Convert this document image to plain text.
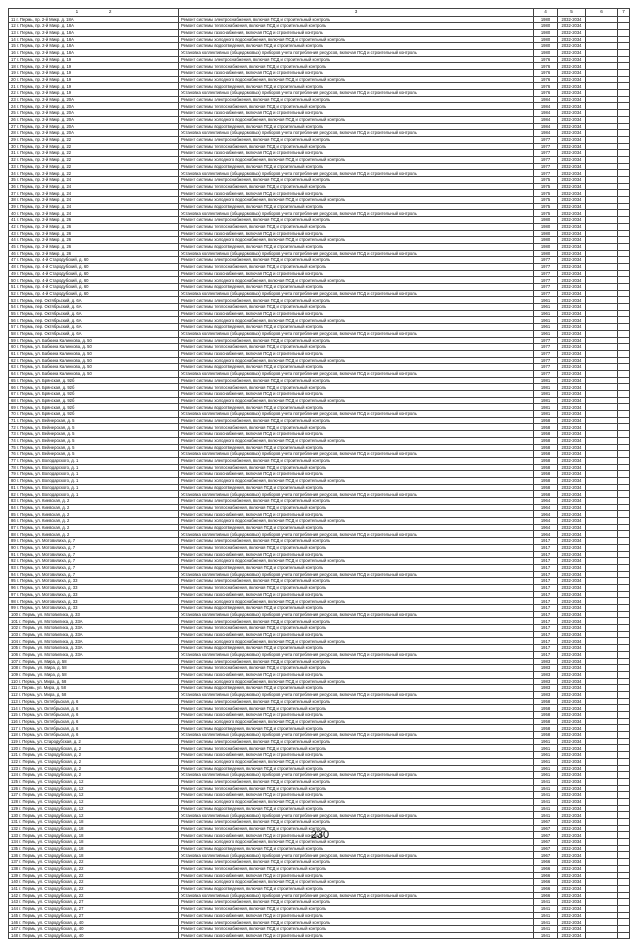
1 2	3	4	5	6	7
11 г. Пермь, пр. 2-й Микр. д. 18А	Ремонт системы электроснабжения, включая ПСД и строительный контроль	1980	2032-2034		
12 г. Пермь, пр. 2-й Микр. д. 18А	Ремонт системы теплоснабжения, включая ПСД и строительный контроль	1980	2032-2034		
13 г. Пермь, пр. 2-й Микр. д. 18А	Ремонт системы газоснабжения, включая ПСД и строительный контроль	1980	2032-2034		
14 г. Пермь, пр. 2-й Микр. д. 18А	Ремонт системы холодного водоснабжения, включая ПСД и строительный контроль	1980	2032-2034		
15 г. Пермь, пр. 2-й Микр. д. 18А	Ремонт системы водоотведения, включая ПСД и строительный контроль	1980	2032-2034		
16 г. Пермь, пр. 2-й Микр. д. 18А	Установка коллективных (общедомовых) приборов учета потребления ресурсов, включая ПСД и строительный контроль	1980	2032-2034		
17 г. Пермь, пр. 2-й Микр. д. 19	Ремонт системы электроснабжения, включая ПСД и строительный контроль	1976	2032-2034		
18 г. Пермь, пр. 2-й Микр. д. 19	Ремонт системы теплоснабжения, включая ПСД и строительный контроль	1976	2032-2034		
19 г. Пермь, пр. 2-й Микр. д. 19	Ремонт системы газоснабжения, включая ПСД и строительный контроль	1976	2032-2034		
20 г. Пермь, пр. 2-й Микр. д. 19	Ремонт системы холодного водоснабжения, включая ПСД и строительный контроль	1976	2032-2034		
21 г. Пермь, пр. 2-й Микр. д. 19	Ремонт системы водоотведения, включая ПСД и строительный контроль	1976	2032-2034		
22 г. Пермь, пр. 2-й Микр. д. 19	Установка коллективных (общедомовых) приборов учета потребления ресурсов, включая ПСД и строительный контроль	1976	2032-2034		
23 г. Пермь, пр. 2-й Микр. д. 20А	Ремонт системы электроснабжения, включая ПСД и строительный контроль	1984	2032-2034		
24 г. Пермь, пр. 2-й Микр. д. 20А	Ремонт системы теплоснабжения, включая ПСД и строительный контроль	1984	2032-2034		
25 г. Пермь, пр. 2-й Микр. д. 20А	Ремонт системы газоснабжения, включая ПСД и строительный контроль	1984	2032-2034		
26 г. Пермь, пр. 2-й Микр. д. 20А	Ремонт системы холодного водоснабжения, включая ПСД и строительный контроль	1984	2032-2034		
27 г. Пермь, пр. 2-й Микр. д. 20А	Ремонт системы водоотведения, включая ПСД и строительный контроль	1984	2032-2034		
28 г. Пермь, пр. 2-й Микр. д. 20А	Установка коллективных (общедомовых) приборов учета потребления ресурсов, включая ПСД и строительный контроль	1984	2032-2034		
29 г. Пермь, пр. 2-й Микр. д. 22	Ремонт системы электроснабжения, включая ПСД и строительный контроль	1977	2032-2034		
30 г. Пермь, пр. 2-й Микр. д. 22	Ремонт системы теплоснабжения, включая ПСД и строительный контроль	1977	2032-2034		
31 г. Пермь, пр. 2-й Микр. д. 22	Ремонт системы газоснабжения, включая ПСД и строительный контроль	1977	2032-2034		
32 г. Пермь, пр. 2-й Микр. д. 22	Ремонт системы холодного водоснабжения, включая ПСД и строительный контроль	1977	2032-2034		
33 г. Пермь, пр. 2-й Микр. д. 22	Ремонт системы водоотведения, включая ПСД и строительный контроль	1977	2032-2034		
34 г. Пермь, пр. 2-й Микр. д. 22	Установка коллективных (общедомовых) приборов учета потребления ресурсов, включая ПСД и строительный контроль	1977	2032-2034		
35 г. Пермь, пр. 2-й Микр. д. 24	Ремонт системы электроснабжения, включая ПСД и строительный контроль	1975	2032-2034		
36 г. Пермь, пр. 2-й Микр. д. 24	Ремонт системы теплоснабжения, включая ПСД и строительный контроль	1975	2032-2034		
37 г. Пермь, пр. 2-й Микр. д. 24	Ремонт системы газоснабжения, включая ПСД и строительный контроль	1975	2032-2034		
38 г. Пермь, пр. 2-й Микр. д. 24	Ремонт системы холодного водоснабжения, включая ПСД и строительный контроль	1975	2032-2034		
39 г. Пермь, пр. 2-й Микр. д. 24	Ремонт системы водоотведения, включая ПСД и строительный контроль	1975	2032-2034		
40 г. Пермь, пр. 2-й Микр. д. 24	Установка коллективных (общедомовых) приборов учета потребления ресурсов, включая ПСД и строительный контроль	1975	2032-2034		
41 г. Пермь, пр. 2-й Микр. д. 26	Ремонт системы электроснабжения, включая ПСД и строительный контроль	1980	2032-2034		
42 г. Пермь, пр. 2-й Микр. д. 26	Ремонт системы теплоснабжения, включая ПСД и строительный контроль	1980	2032-2034		
43 г. Пермь, пр. 2-й Микр. д. 26	Ремонт системы газоснабжения, включая ПСД и строительный контроль	1980	2032-2034		
44 г. Пермь, пр. 2-й Микр. д. 26	Ремонт системы холодного водоснабжения, включая ПСД и строительный контроль	1980	2032-2034		
45 г. Пермь, пр. 2-й Микр. д. 26	Ремонт системы водоотведения, включая ПСД и строительный контроль	1980	2032-2034		
46 г. Пермь, пр. 2-й Микр. д. 26	Установка коллективных (общедомовых) приборов учета потребления ресурсов, включая ПСД и строительный контроль	1980	2032-2034		
47 г. Пермь, пр. 4-й Стародубский, д. 60	Ремонт системы электроснабжения, включая ПСД и строительный контроль	1977	2032-2034		
48 г. Пермь, пр. 4-й Стародубский, д. 60	Ремонт системы теплоснабжения, включая ПСД и строительный контроль	1977	2032-2034		
49 г. Пермь, пр. 4-й Стародубский, д. 60	Ремонт системы газоснабжения, включая ПСД и строительный контроль	1977	2032-2034		
50 г. Пермь, пр. 4-й Стародубский, д. 60	Ремонт системы холодного водоснабжения, включая ПСД и строительный контроль	1977	2032-2034		
51 г. Пермь, пр. 4-й Стародубский, д. 60	Ремонт системы водоотведения, включая ПСД и строительный контроль	1977	2032-2034		
52 г. Пермь, пр. 4-й Стародубский, д. 60	Установка коллективных (общедомовых) приборов учета потребления ресурсов, включая ПСД и строительный контроль	1977	2032-2034		
53 г. Пермь, пер. Октябрьский, д. 6А	Ремонт системы электроснабжения, включая ПСД и строительный контроль	1961	2032-2034		
54 г. Пермь, пер. Октябрьский, д. 6А	Ремонт системы теплоснабжения, включая ПСД и строительный контроль	1961	2032-2034		
55 г. Пермь, пер. Октябрьский, д. 6А	Ремонт системы газоснабжения, включая ПСД и строительный контроль	1961	2032-2034		
56 г. Пермь, пер. Октябрьский, д. 6А	Ремонт системы холодного водоснабжения, включая ПСД и строительный контроль	1961	2032-2034		
57 г. Пермь, пер. Октябрьский, д. 6А	Ремонт системы водоотведения, включая ПСД и строительный контроль	1961	2032-2034		
58 г. Пермь, пер. Октябрьский, д. 6А	Установка коллективных (общедомовых) приборов учета потребления ресурсов, включая ПСД и строительный контроль	1961	2032-2034		
59 г. Пермь, ул. Бабкина Калинкова, д. 50	Ремонт системы электроснабжения, включая ПСД и строительный контроль	1977	2032-2034		
60 г. Пермь, ул. Бабкина Калинкова, д. 50	Ремонт системы теплоснабжения, включая ПСД и строительный контроль	1977	2032-2034		
61 г. Пермь, ул. Бабкина Калинкова, д. 50	Ремонт системы газоснабжения, включая ПСД и строительный контроль	1977	2032-2034		
62 г. Пермь, ул. Бабкина Калинкова, д. 50	Ремонт системы холодного водоснабжения, включая ПСД и строительный контроль	1977	2032-2034		
63 г. Пермь, ул. Бабкина Калинкова, д. 50	Ремонт системы водоотведения, включая ПСД и строительный контроль	1977	2032-2034		
64 г. Пермь, ул. Бабкина Калинкова, д. 50	Установка коллективных (общедомовых) приборов учета потребления ресурсов, включая ПСД и строительный контроль	1977	2032-2034		
65 г. Пермь, ул. Брянская, д. 92б	Ремонт системы электроснабжения, включая ПСД и строительный контроль	1981	2032-2034		
66 г. Пермь, ул. Брянская, д. 92б	Ремонт системы теплоснабжения, включая ПСД и строительный контроль	1981	2032-2034		
67 г. Пермь, ул. Брянская, д. 92б	Ремонт системы газоснабжения, включая ПСД и строительный контроль	1981	2032-2034		
68 г. Пермь, ул. Брянская, д. 92б	Ремонт системы холодного водоснабжения, включая ПСД и строительный контроль	1981	2032-2034		
69 г. Пермь, ул. Брянская, д. 92б	Ремонт системы водоотведения, включая ПСД и строительный контроль	1981	2032-2034		
70 г. Пермь, ул. Брянская, д. 92б	Установка коллективных (общедомовых) приборов учета потребления ресурсов, включая ПСД и строительный контроль	1981	2032-2034		
71 г. Пермь, ул. Вейнерская, д. 5	Ремонт системы электроснабжения, включая ПСД и строительный контроль	1958	2032-2034		
72 г. Пермь, ул. Вейнерская, д. 5	Ремонт системы теплоснабжения, включая ПСД и строительный контроль	1958	2032-2034		
73 г. Пермь, ул. Вейнерская, д. 5	Ремонт системы газоснабжения, включая ПСД и строительный контроль	1958	2032-2034		
74 г. Пермь, ул. Вейнерская, д. 5	Ремонт системы холодного водоснабжения, включая ПСД и строительный контроль	1958	2032-2034		
75 г. Пермь, ул. Вейнерская, д. 5	Ремонт системы водоотведения, включая ПСД и строительный контроль	1958	2032-2034		
76 г. Пермь, ул. Вейнерская, д. 5	Установка коллективных (общедомовых) приборов учета потребления ресурсов, включая ПСД и строительный контроль	1958	2032-2034		
77 г. Пермь, ул. Володарского, д. 1	Ремонт системы электроснабжения, включая ПСД и строительный контроль	1958	2032-2034		
78 г. Пермь, ул. Володарского, д. 1	Ремонт системы теплоснабжения, включая ПСД и строительный контроль	1958	2032-2034		
79 г. Пермь, ул. Володарского, д. 1	Ремонт системы газоснабжения, включая ПСД и строительный контроль	1958	2032-2034		
80 г. Пермь, ул. Володарского, д. 1	Ремонт системы холодного водоснабжения, включая ПСД и строительный контроль	1958	2032-2034		
81 г. Пермь, ул. Володарского, д. 1	Ремонт системы водоотведения, включая ПСД и строительный контроль	1958	2032-2034		
82 г. Пермь, ул. Володарского, д. 1	Установка коллективных (общедомовых) приборов учета потребления ресурсов, включая ПСД и строительный контроль	1958	2032-2034		
83 г. Пермь, ул. Киевская, д. 2	Ремонт системы электроснабжения, включая ПСД и строительный контроль	1964	2032-2034		
84 г. Пермь, ул. Киевская, д. 2	Ремонт системы теплоснабжения, включая ПСД и строительный контроль	1964	2032-2034		
85 г. Пермь, ул. Киевская, д. 2	Ремонт системы газоснабжения, включая ПСД и строительный контроль	1964	2032-2034		
86 г. Пермь, ул. Киевская, д. 2	Ремонт системы холодного водоснабжения, включая ПСД и строительный контроль	1964	2032-2034		
87 г. Пермь, ул. Киевская, д. 2	Ремонт системы водоотведения, включая ПСД и строительный контроль	1964	2032-2034		
88 г. Пермь, ул. Киевская, д. 2	Установка коллективных (общедомовых) приборов учета потребления ресурсов, включая ПСД и строительный контроль	1964	2032-2034		
89 г. Пермь, ул. Мотовилиха, д. 7	Ремонт системы электроснабжения, включая ПСД и строительный контроль	1917	2032-2034		
90 г. Пермь, ул. Мотовилиха, д. 7	Ремонт системы теплоснабжения, включая ПСД и строительный контроль	1917	2032-2034		
91 г. Пермь, ул. Мотовилиха, д. 7	Ремонт системы газоснабжения, включая ПСД и строительный контроль	1917	2032-2034		
92 г. Пермь, ул. Мотовилиха, д. 7	Ремонт системы холодного водоснабжения, включая ПСД и строительный контроль	1917	2032-2034		
93 г. Пермь, ул. Мотовилиха, д. 7	Ремонт системы водоотведения, включая ПСД и строительный контроль	1917	2032-2034		
94 г. Пермь, ул. Мотовилиха, д. 7	Установка коллективных (общедомовых) приборов учета потребления ресурсов, включая ПСД и строительный контроль	1917	2032-2034		
95 г. Пермь, ул. Мотовилиха, д. 33	Ремонт системы электроснабжения, включая ПСД и строительный контроль	1917	2032-2034		
96 г. Пермь, ул. Мотовилиха, д. 33	Ремонт системы теплоснабжения, включая ПСД и строительный контроль	1917	2032-2034		
97 г. Пермь, ул. Мотовилиха, д. 33	Ремонт системы газоснабжения, включая ПСД и строительный контроль	1917	2032-2034		
98 г. Пермь, ул. Мотовилиха, д. 33	Ремонт системы холодного водоснабжения, включая ПСД и строительный контроль	1917	2032-2034		
99 г. Пермь, ул. Мотовилиха, д. 33	Ремонт системы водоотведения, включая ПСД и строительный контроль	1917	2032-2034		
100 г. Пермь, ул. Мотовилиха, д. 33	Установка коллективных (общедомовых) приборов учета потребления ресурсов, включая ПСД и строительный контроль	1917	2032-2034		
101 г. Пермь, ул. Мотовилиха, д. 33А	Ремонт системы электроснабжения, включая ПСД и строительный контроль	1917	2032-2034		
102 г. Пермь, ул. Мотовилиха, д. 33А	Ремонт системы теплоснабжения, включая ПСД и строительный контроль	1917	2032-2034		
103 г. Пермь, ул. Мотовилиха, д. 33А	Ремонт системы газоснабжения, включая ПСД и строительный контроль	1917	2032-2034		
104 г. Пермь, ул. Мотовилиха, д. 33А	Ремонт системы холодного водоснабжения, включая ПСД и строительный контроль	1917	2032-2034		
105 г. Пермь, ул. Мотовилиха, д. 33А	Ремонт системы водоотведения, включая ПСД и строительный контроль	1917	2032-2034		
106 г. Пермь, ул. Мотовилиха, д. 33А	Установка коллективных (общедомовых) приборов учета потребления ресурсов, включая ПСД и строительный контроль	1917	2032-2034		
107 г. Пермь, ул. Мира, д. 58	Ремонт системы электроснабжения, включая ПСД и строительный контроль	1983	2032-2034		
108 г. Пермь, ул. Мира, д. 58	Ремонт системы теплоснабжения, включая ПСД и строительный контроль	1983	2032-2034		
109 г. Пермь, ул. Мира, д. 58	Ремонт системы газоснабжения, включая ПСД и строительный контроль	1983	2032-2034		
110 г. Пермь, ул. Мира, д. 58	Ремонт системы холодного водоснабжения, включая ПСД и строительный контроль	1983	2032-2034		
111 г. Пермь, ул. Мира, д. 58	Ремонт системы водоотведения, включая ПСД и строительный контроль	1983	2032-2034		
112 г. Пермь, ул. Мира, д. 58	Установка коллективных (общедомовых) приборов учета потребления ресурсов, включая ПСД и строительный контроль	1983	2032-2034		
113 г. Пермь, ул. Октябрьская, д. 6	Ремонт системы электроснабжения, включая ПСД и строительный контроль	1958	2032-2034		
114 г. Пермь, ул. Октябрьская, д. 6	Ремонт системы теплоснабжения, включая ПСД и строительный контроль	1958	2032-2034		
115 г. Пермь, ул. Октябрьская, д. 6	Ремонт системы газоснабжения, включая ПСД и строительный контроль	1958	2032-2034		
116 г. Пермь, ул. Октябрьская, д. 6	Ремонт системы холодного водоснабжения, включая ПСД и строительный контроль	1958	2032-2034		
117 г. Пермь, ул. Октябрьская, д. 6	Ремонт системы водоотведения, включая ПСД и строительный контроль	1958	2032-2034		
118 г. Пермь, ул. Октябрьская, д. 6	Установка коллективных (общедомовых) приборов учета потребления ресурсов, включая ПСД и строительный контроль	1958	2032-2034		
119 г. Пермь, ул. Стародубская, д. 2	Ремонт системы электроснабжения, включая ПСД и строительный контроль	1961	2032-2034		
120 г. Пермь, ул. Стародубская, д. 2	Ремонт системы теплоснабжения, включая ПСД и строительный контроль	1961	2032-2034		
121 г. Пермь, ул. Стародубская, д. 2	Ремонт системы газоснабжения, включая ПСД и строительный контроль	1961	2032-2034		
122 г. Пермь, ул. Стародубская, д. 2	Ремонт системы холодного водоснабжения, включая ПСД и строительный контроль	1961	2032-2034		
123 г. Пермь, ул. Стародубская, д. 2	Ремонт системы водоотведения, включая ПСД и строительный контроль	1961	2032-2034		
124 г. Пермь, ул. Стародубская, д. 2	Установка коллективных (общедомовых) приборов учета потребления ресурсов, включая ПСД и строительный контроль	1961	2032-2034		
125 г. Пермь, ул. Стародубская, д. 12	Ремонт системы электроснабжения, включая ПСД и строительный контроль	1941	2032-2034		
126 г. Пермь, ул. Стародубская, д. 12	Ремонт системы теплоснабжения, включая ПСД и строительный контроль	1941	2032-2034		
127 г. Пермь, ул. Стародубская, д. 12	Ремонт системы газоснабжения, включая ПСД и строительный контроль	1941	2032-2034		
128 г. Пермь, ул. Стародубская, д. 12	Ремонт системы холодного водоснабжения, включая ПСД и строительный контроль	1941	2032-2034		
129 г. Пермь, ул. Стародубская, д. 12	Ремонт системы водоотведения, включая ПСД и строительный контроль	1941	2032-2034		
130 г. Пермь, ул. Стародубская, д. 12	Установка коллективных (общедомовых) приборов учета потребления ресурсов, включая ПСД и строительный контроль	1941	2032-2034		
131 г. Пермь, ул. Стародубская, д. 18	Ремонт системы электроснабжения, включая ПСД и строительный контроль	1967	2032-2034		
132 г. Пермь, ул. Стародубская, д. 18	Ремонт системы теплоснабжения, включая ПСД и строительный контроль	1967	2032-2034		
133 г. Пермь, ул. Стародубская, д. 18	Ремонт системы газоснабжения, включая ПСД и строительный контроль	1967	2032-2034		
134 г. Пермь, ул. Стародубская, д. 18	Ремонт системы холодного водоснабжения, включая ПСД и строительный контроль	1967	2032-2034		
135 г. Пермь, ул. Стародубская, д. 18	Ремонт системы водоотведения, включая ПСД и строительный контроль	1967	2032-2034		
136 г. Пермь, ул. Стародубская, д. 18	Установка коллективных (общедомовых) приборов учета потребления ресурсов, включая ПСД и строительный контроль	1967	2032-2034		
137 г. Пермь, ул. Стародубская, д. 22	Ремонт системы электроснабжения, включая ПСД и строительный контроль	1966	2032-2034		
138 г. Пермь, ул. Стародубская, д. 22	Ремонт системы теплоснабжения, включая ПСД и строительный контроль	1966	2032-2034		
139 г. Пермь, ул. Стародубская, д. 22	Ремонт системы газоснабжения, включая ПСД и строительный контроль	1966	2032-2034		
140 г. Пермь, ул. Стародубская, д. 22	Ремонт системы холодного водоснабжения, включая ПСД и строительный контроль	1966	2032-2034		
141 г. Пермь, ул. Стародубская, д. 22	Ремонт системы водоотведения, включая ПСД и строительный контроль	1966	2032-2034		
142 г. Пермь, ул. Стародубская, д. 22	Установка коллективных (общедомовых) приборов учета потребления ресурсов, включая ПСД и строительный контроль	1966	2032-2034		
143 г. Пермь, ул. Стародубская, д. 27	Ремонт системы электроснабжения, включая ПСД и строительный контроль	1941	2032-2034		
144 г. Пермь, ул. Стародубская, д. 27	Ремонт системы теплоснабжения, включая ПСД и строительный контроль	1941	2032-2034		
145 г. Пермь, ул. Стародубская, д. 27	Ремонт системы газоснабжения, включая ПСД и строительный контроль	1941	2032-2034		
146 г. Пермь, ул. Стародубская, д. 40	Ремонт системы электроснабжения, включая ПСД и строительный контроль	1941	2032-2034		
147 г. Пермь, ул. Стародубская, д. 40	Ремонт системы теплоснабжения, включая ПСД и строительный контроль	1941	2032-2034		
148 г. Пермь, ул. Стародубская, д. 40	Ремонт системы газоснабжения, включая ПСД и строительный контроль	1941	2032-2034		
230
